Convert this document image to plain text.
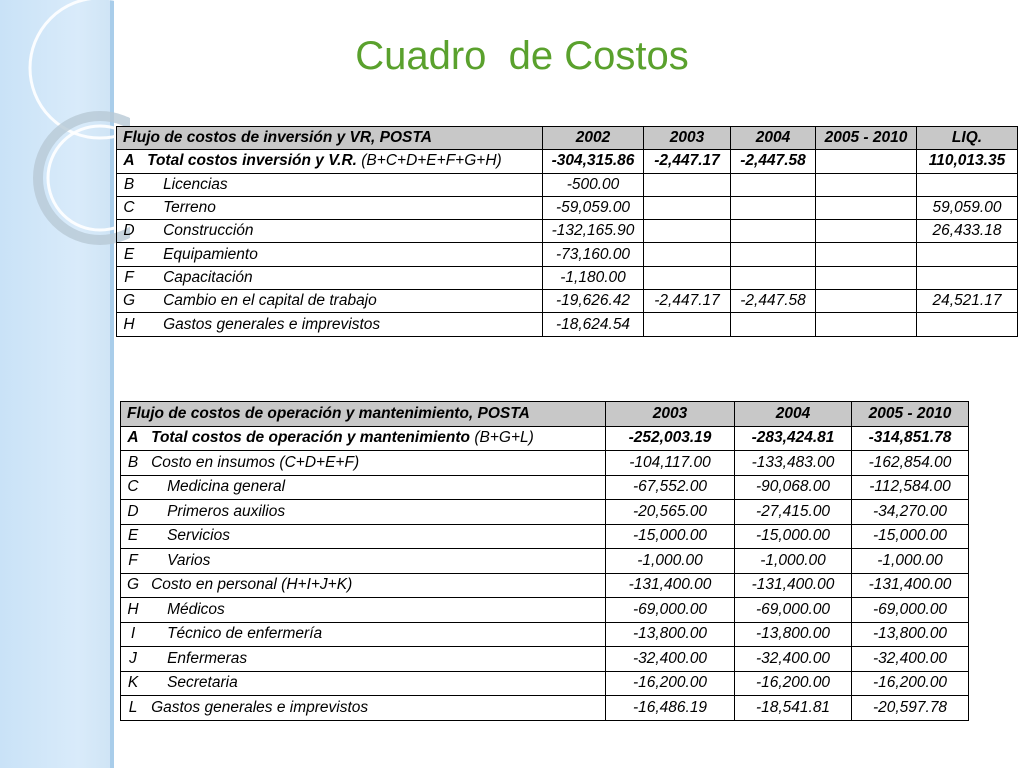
Cuadro  de Costos
Flujo de costos de inversión y VR, POSTA		2002	2003	2004	2005 - 2010	LIQ.
A	Total costos inversión y V.R. (B+C+D+E+F+G+H)	-304,315.86	-2,447.17	-2,447.58		110,013.35
B	Licencias	-500.00				
C	Terreno	-59,059.00				59,059.00
D	Construcción	-132,165.90				26,433.18
E	Equipamiento	-73,160.00				
F	Capacitación	-1,180.00				
G	Cambio en el capital de trabajo	-19,626.42	-2,447.17	-2,447.58		24,521.17
H	Gastos generales e imprevistos	-18,624.54				
Flujo de costos de operación y mantenimiento, POSTA		2003	2004	2005 - 2010
A	Total costos de operación y mantenimiento (B+G+L)	-252,003.19	-283,424.81	-314,851.78
B	Costo en insumos (C+D+E+F)	-104,117.00	-133,483.00	-162,854.00
C	Medicina general	-67,552.00	-90,068.00	-112,584.00
D	Primeros auxilios	-20,565.00	-27,415.00	-34,270.00
E	Servicios	-15,000.00	-15,000.00	-15,000.00
F	Varios	-1,000.00	-1,000.00	-1,000.00
G	Costo en personal (H+I+J+K)	-131,400.00	-131,400.00	-131,400.00
H	Médicos	-69,000.00	-69,000.00	-69,000.00
I	Técnico de enfermería	-13,800.00	-13,800.00	-13,800.00
J	Enfermeras	-32,400.00	-32,400.00	-32,400.00
K	Secretaria	-16,200.00	-16,200.00	-16,200.00
L	Gastos generales e imprevistos	-16,486.19	-18,541.81	-20,597.78
